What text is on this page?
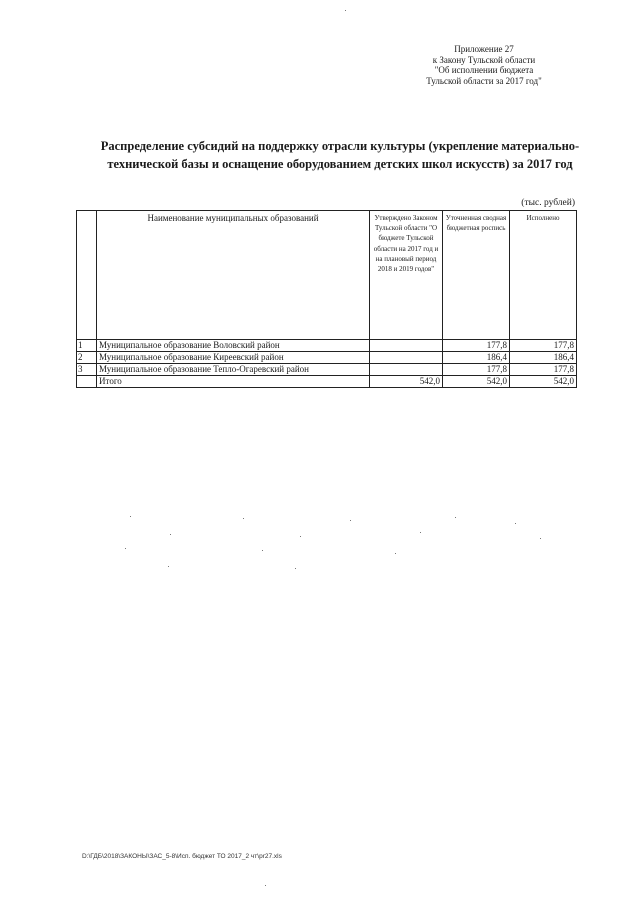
Приложение 27
к Закону Тульской области
"Об исполнении бюджета
Тульской области за 2017 год"
Распределение субсидий на поддержку отрасли культуры (укрепление материально-
технической базы и оснащение оборудованием детских школ искусств) за 2017 год
(тыс. рублей)
	Наименование муниципальных образований	Утверждено Законом Тульской области "О бюджете Тульской области на 2017 год и на плановый период 2018 и 2019 годов"	Уточненная сводная бюджетная роспись	Исполнено
1	Муниципальное образование Воловский район		177,8	177,8
2	Муниципальное образование Киреевский район		186,4	186,4
3	Муниципальное образование Тепло-Огаревский район		177,8	177,8
	Итого	542,0	542,0	542,0
D:\ГДБ\2018\ЗАКОНЫ\ЗАС_5-8\Исп. бюджет ТО 2017_2 чт\pr27.xls
